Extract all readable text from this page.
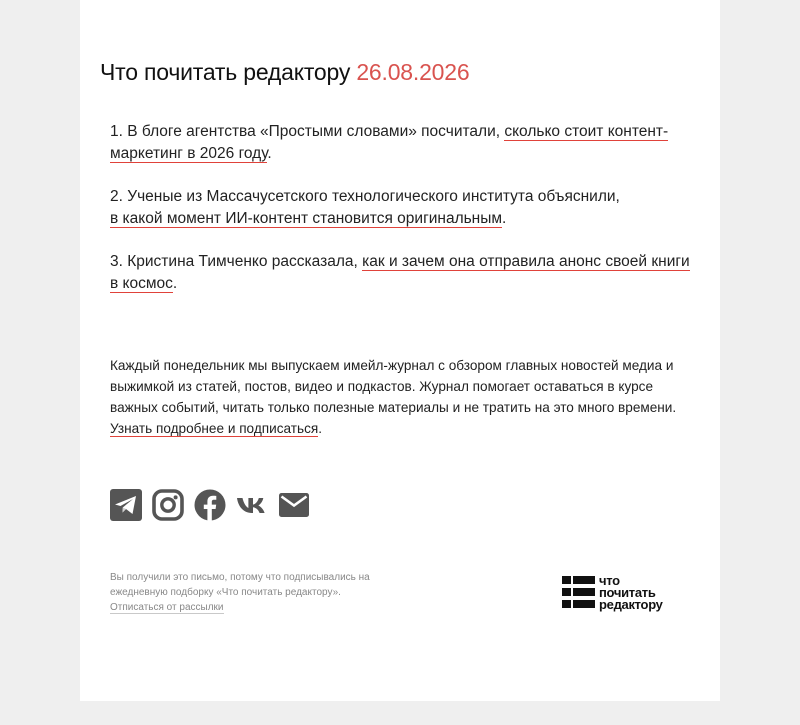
Что почитать редактору 26.08.2026

1. В блоге агентства «Простыми словами» посчитали, сколько стоит контент-маркетинг в 2026 году.

2. Ученые из Массачусетского технологического института объяснили,
в какой момент ИИ-контент становится оригинальным.

3. Кристина Тимченко рассказала, как и зачем она отправила анонс своей книги в космос.

Каждый понедельник мы выпускаем имейл-журнал с обзором главных новостей медиа и выжимкой из статей, постов, видео и подкастов. Журнал помогает оставаться в курсе важных событий, читать только полезные материалы и не тратить на это много времени. Узнать подробнее и подписаться.

Вы получили это письмо, потому что подписывались на ежедневную подборку «Что почитать редактору».
Отписаться от рассылки
что
почитать
редактору
